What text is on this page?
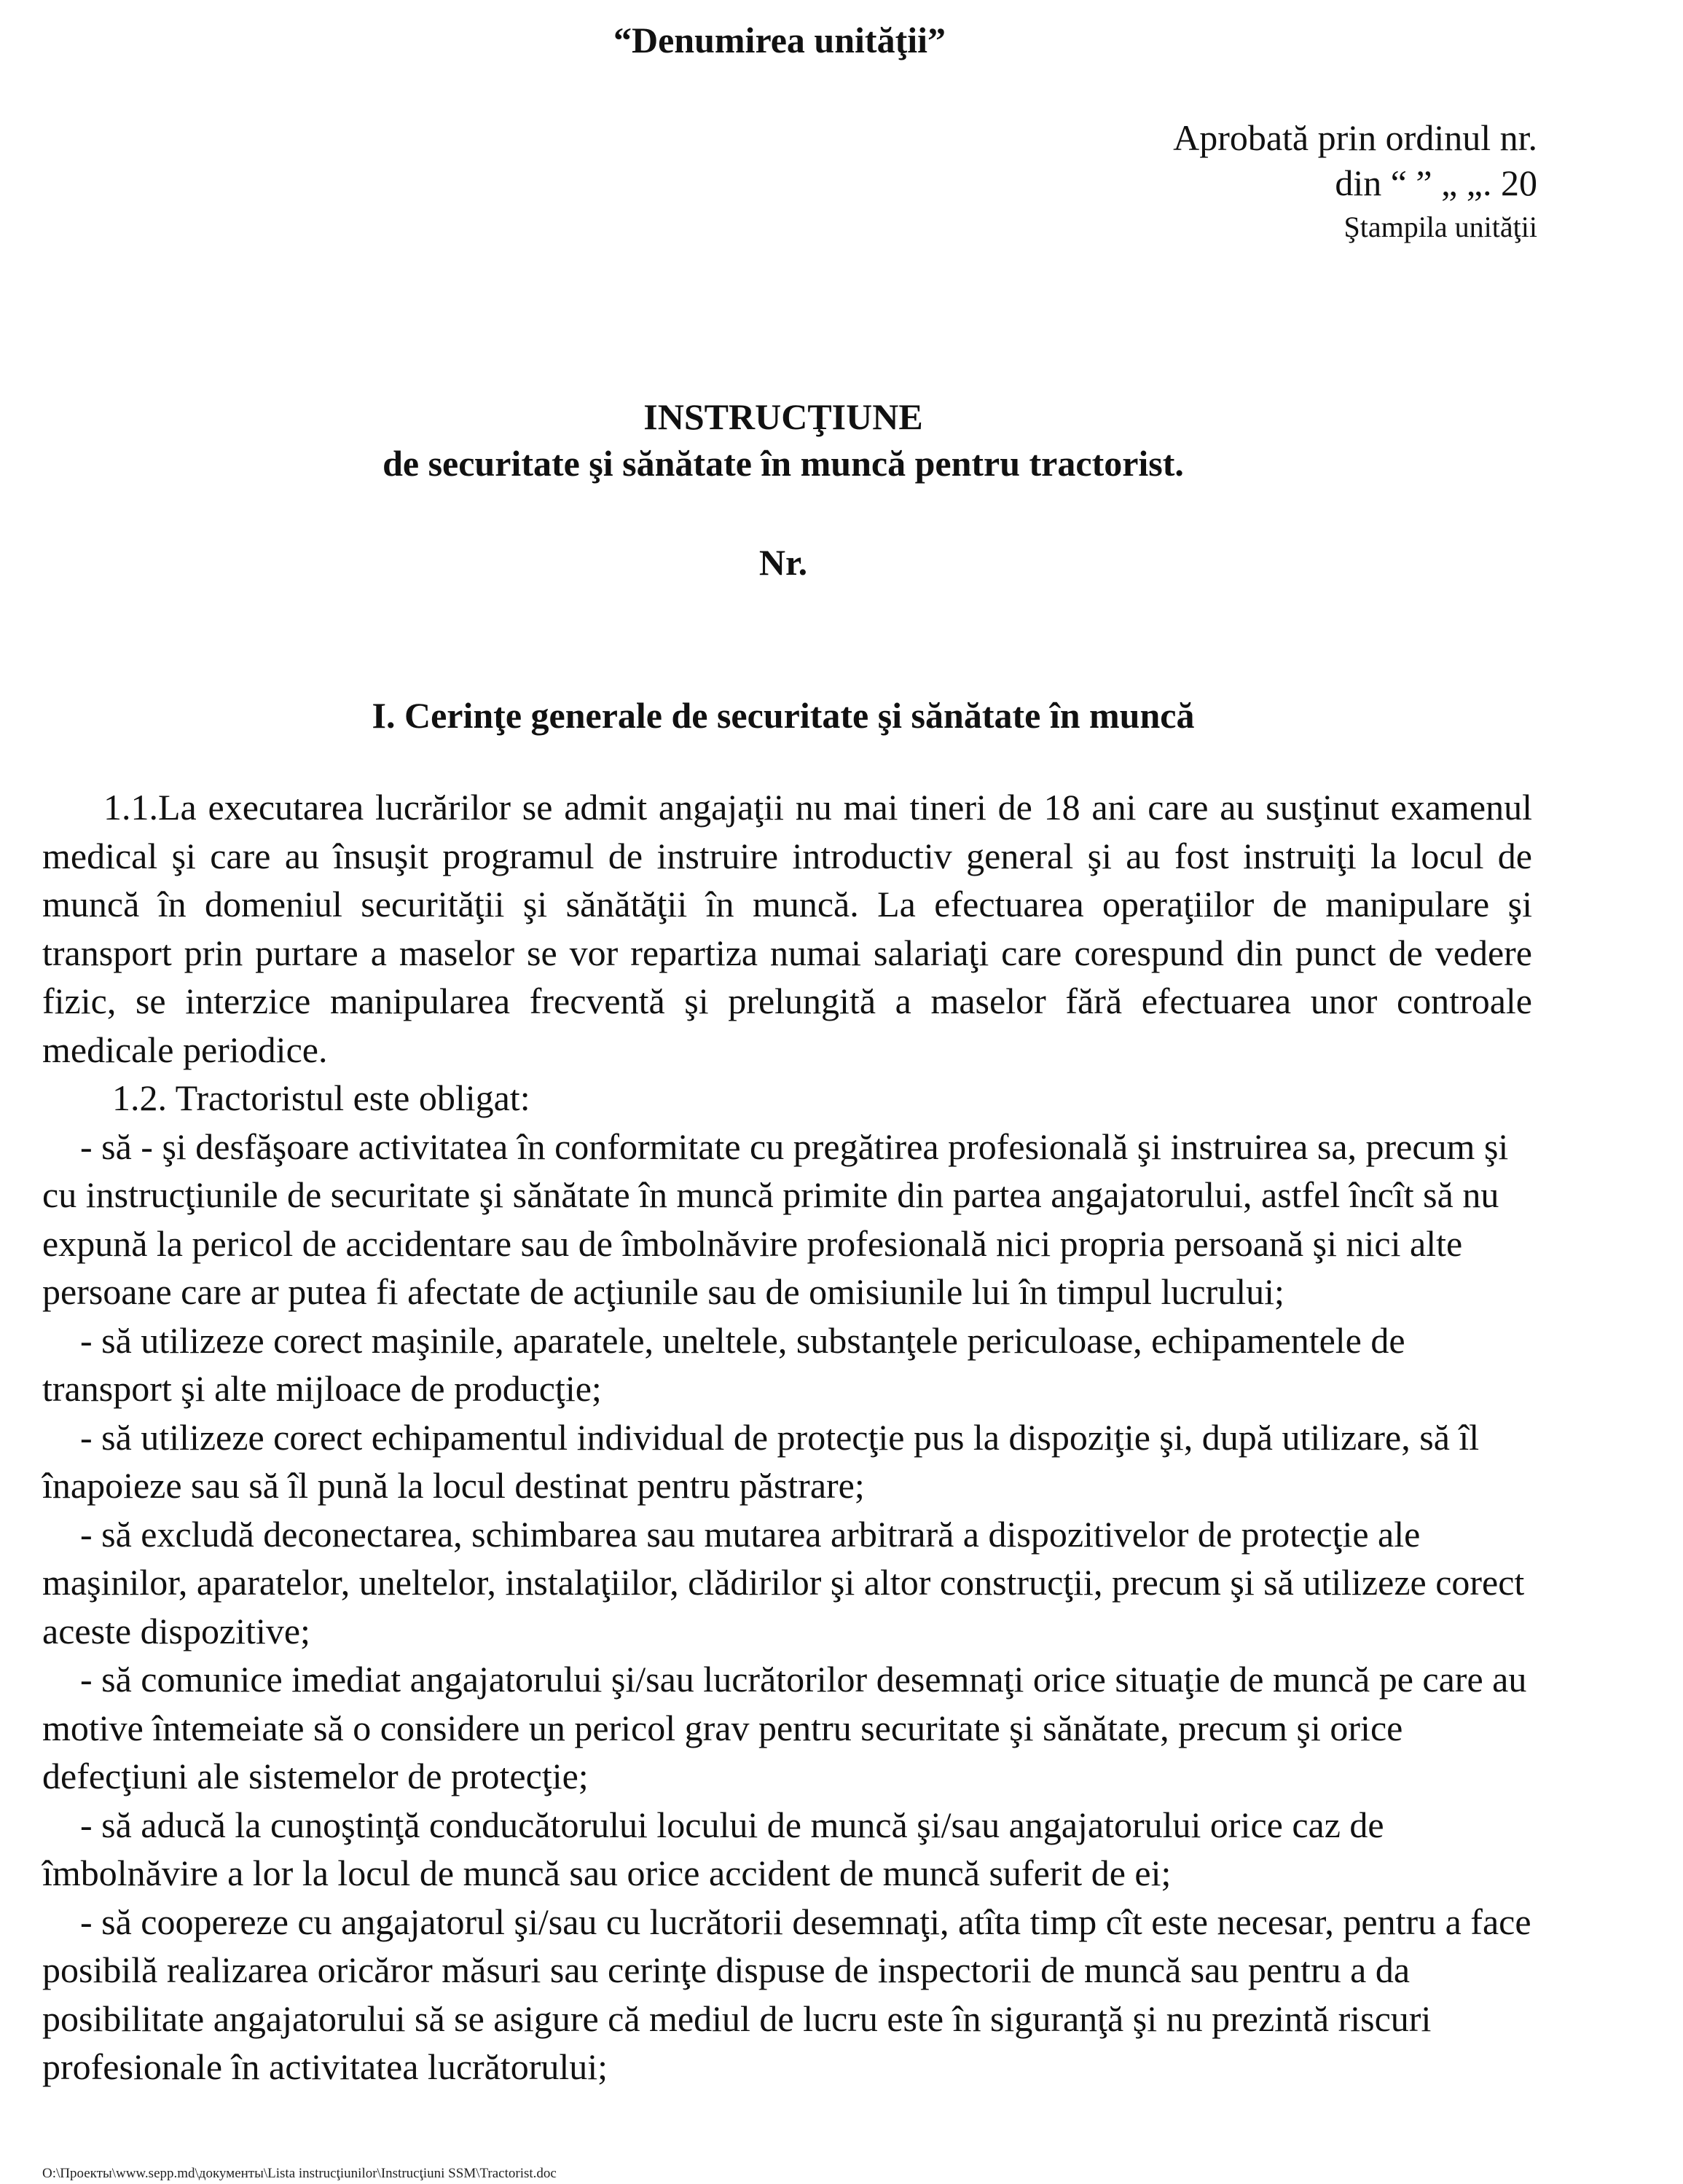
“Denumirea unităţii”
Aprobată prin ordinul nr.
din “ ” „ „. 20
Ştampila unităţii
INSTRUCŢIUNE
de securitate şi sănătate în muncă pentru tractorist.
Nr.
I. Cerinţe generale de securitate şi sănătate în muncă

1.1.La executarea lucrărilor se admit angajaţii nu mai tineri de 18 ani care au susţinut examenul medical şi care au însuşit programul de instruire introductiv general şi au fost instruiţi la locul de muncă în domeniul securităţii şi sănătăţii în muncă. La efectuarea operaţiilor de manipulare şi transport prin purtare a maselor se vor repartiza numai salariaţi care corespund din punct de vedere fizic, se interzice manipularea frecventă şi prelungită a maselor fără efectuarea unor controale medicale periodice.

1.2. Tractoristul este obligat:

- să - şi desfăşoare activitatea în conformitate cu pregătirea profesională şi instruirea sa, precum şi cu instrucţiunile de securitate şi sănătate în muncă primite din partea angajatorului, astfel încît să nu expună la pericol de accidentare sau de îmbolnăvire profesională nici propria persoană şi nici alte persoane care ar putea fi afectate de acţiunile sau de omisiunile lui în timpul lucrului;

- să utilizeze corect maşinile, aparatele, uneltele, substanţele periculoase, echipamentele de transport şi alte mijloace de producţie;

- să utilizeze corect echipamentul individual de protecţie pus la dispoziţie şi, după utilizare, să îl înapoieze sau să îl pună la locul destinat pentru păstrare;

- să excludă deconectarea, schimbarea sau mutarea arbitrară a dispozitivelor de protecţie ale maşinilor, aparatelor, uneltelor, instalaţiilor, clădirilor şi altor construcţii, precum şi să utilizeze corect aceste dispozitive;

- să comunice imediat angajatorului şi/sau lucrătorilor desemnaţi orice situaţie de muncă pe care au motive întemeiate să o considere un pericol grav pentru securitate şi sănătate, precum şi orice defecţiuni ale sistemelor de protecţie;

- să aducă la cunoştinţă conducătorului locului de muncă şi/sau angajatorului orice caz de îmbolnăvire a lor la locul de muncă sau orice accident de muncă suferit de ei;

- să coopereze cu angajatorul şi/sau cu lucrătorii desemnaţi, atîta timp cît este necesar, pentru a face posibilă realizarea oricăror măsuri sau cerinţe dispuse de inspectorii de muncă sau pentru a da posibilitate angajatorului să se asigure că mediul de lucru este în siguranţă şi nu prezintă riscuri profesionale în activitatea lucrătorului;

O:\Проекты\www.sepp.md\документы\Lista instrucţiunilor\Instrucţiuni SSM\Tractorist.doc
